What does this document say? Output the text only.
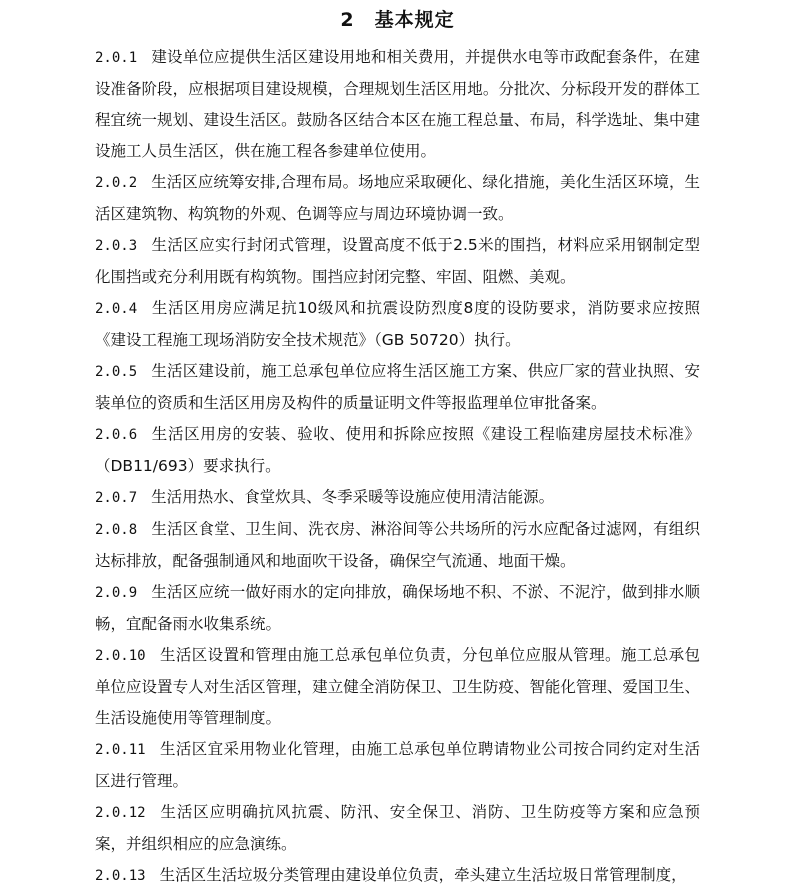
2　基本规定

2.0.1 建设单位应提供生活区建设用地和相关费用，并提供水电等市政配套条件，在建设准备阶段，应根据项目建设规模，合理规划生活区用地。分批次、分标段开发的群体工程宜统一规划、建设生活区。鼓励各区结合本区在施工程总量、布局，科学选址、集中建设施工人员生活区，供在施工程各参建单位使用。

2.0.2 生活区应统筹安排,合理布局。场地应采取硬化、绿化措施，美化生活区环境，生活区建筑物、构筑物的外观、色调等应与周边环境协调一致。

2.0.3 生活区应实行封闭式管理，设置高度不低于2.5米的围挡，材料应采用钢制定型化围挡或充分利用既有构筑物。围挡应封闭完整、牢固、阻燃、美观。

2.0.4 生活区用房应满足抗10级风和抗震设防烈度8度的设防要求，消防要求应按照《建设工程施工现场消防安全技术规范》（GB 50720）执行。

2.0.5 生活区建设前，施工总承包单位应将生活区施工方案、供应厂家的营业执照、安装单位的资质和生活区用房及构件的质量证明文件等报监理单位审批备案。

2.0.6 生活区用房的安装、验收、使用和拆除应按照《建设工程临建房屋技术标准》（DB11/693）要求执行。

2.0.7 生活用热水、食堂炊具、冬季采暖等设施应使用清洁能源。

2.0.8 生活区食堂、卫生间、洗衣房、淋浴间等公共场所的污水应配备过滤网，有组织达标排放，配备强制通风和地面吹干设备，确保空气流通、地面干燥。

2.0.9 生活区应统一做好雨水的定向排放，确保场地不积、不淤、不泥泞，做到排水顺畅，宜配备雨水收集系统。

2.0.10 生活区设置和管理由施工总承包单位负责，分包单位应服从管理。施工总承包单位应设置专人对生活区管理，建立健全消防保卫、卫生防疫、智能化管理、爱国卫生、生活设施使用等管理制度。

2.0.11 生活区宜采用物业化管理，由施工总承包单位聘请物业公司按合同约定对生活区进行管理。

2.0.12 生活区应明确抗风抗震、防汛、安全保卫、消防、卫生防疫等方案和应急预案，并组织相应的应急演练。

2.0.13 生活区生活垃圾分类管理由建设单位负责，牵头建立生活垃圾日常管理制度，
